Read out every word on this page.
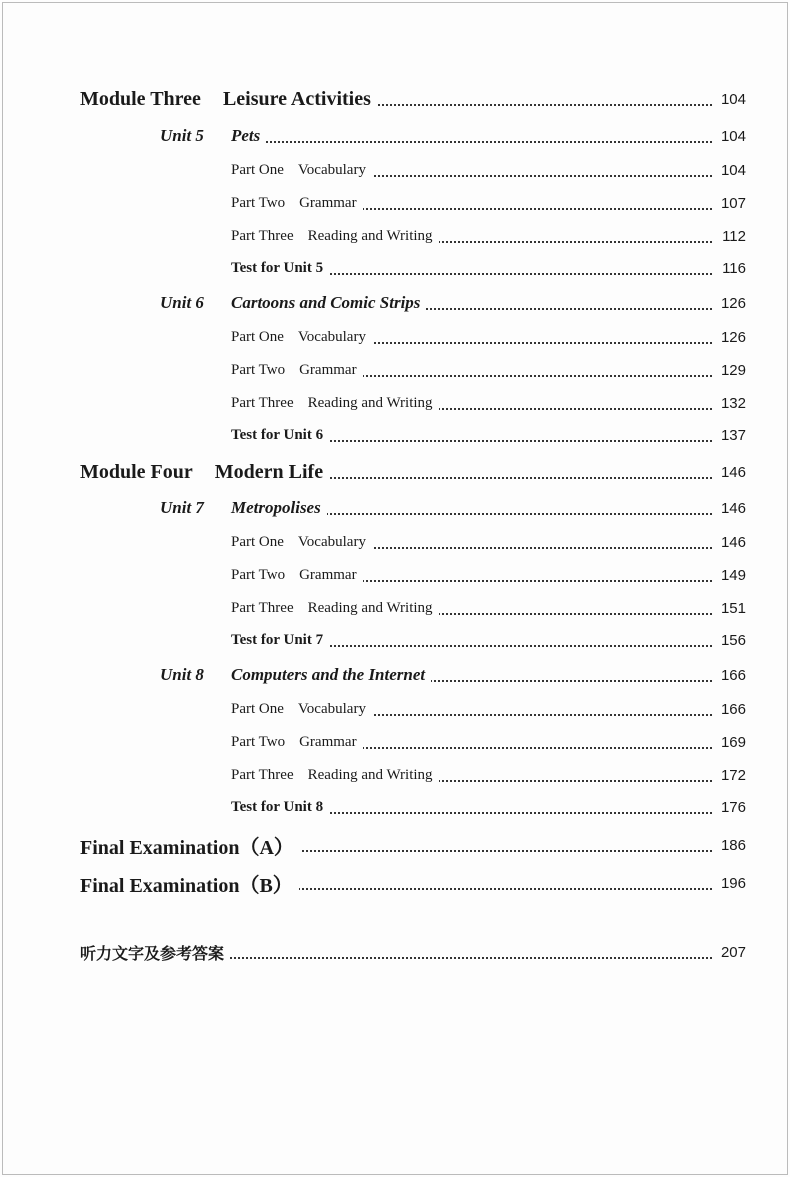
Module Three Leisure Activities	104
Unit 5 Pets	104
Part One Vocabulary	104
Part Two Grammar	107
Part Three Reading and Writing	112
Test for Unit 5	116
Unit 6 Cartoons and Comic Strips	126
Part One Vocabulary	126
Part Two Grammar	129
Part Three Reading and Writing	132
Test for Unit 6	137
Module Four Modern Life	146
Unit 7 Metropolises	146
Part One Vocabulary	146
Part Two Grammar	149
Part Three Reading and Writing	151
Test for Unit 7	156
Unit 8 Computers and the Internet	166
Part One Vocabulary	166
Part Two Grammar	169
Part Three Reading and Writing	172
Test for Unit 8	176
Final Examination（A）	186
Final Examination（B）	196
听力文字及参考答案	207
